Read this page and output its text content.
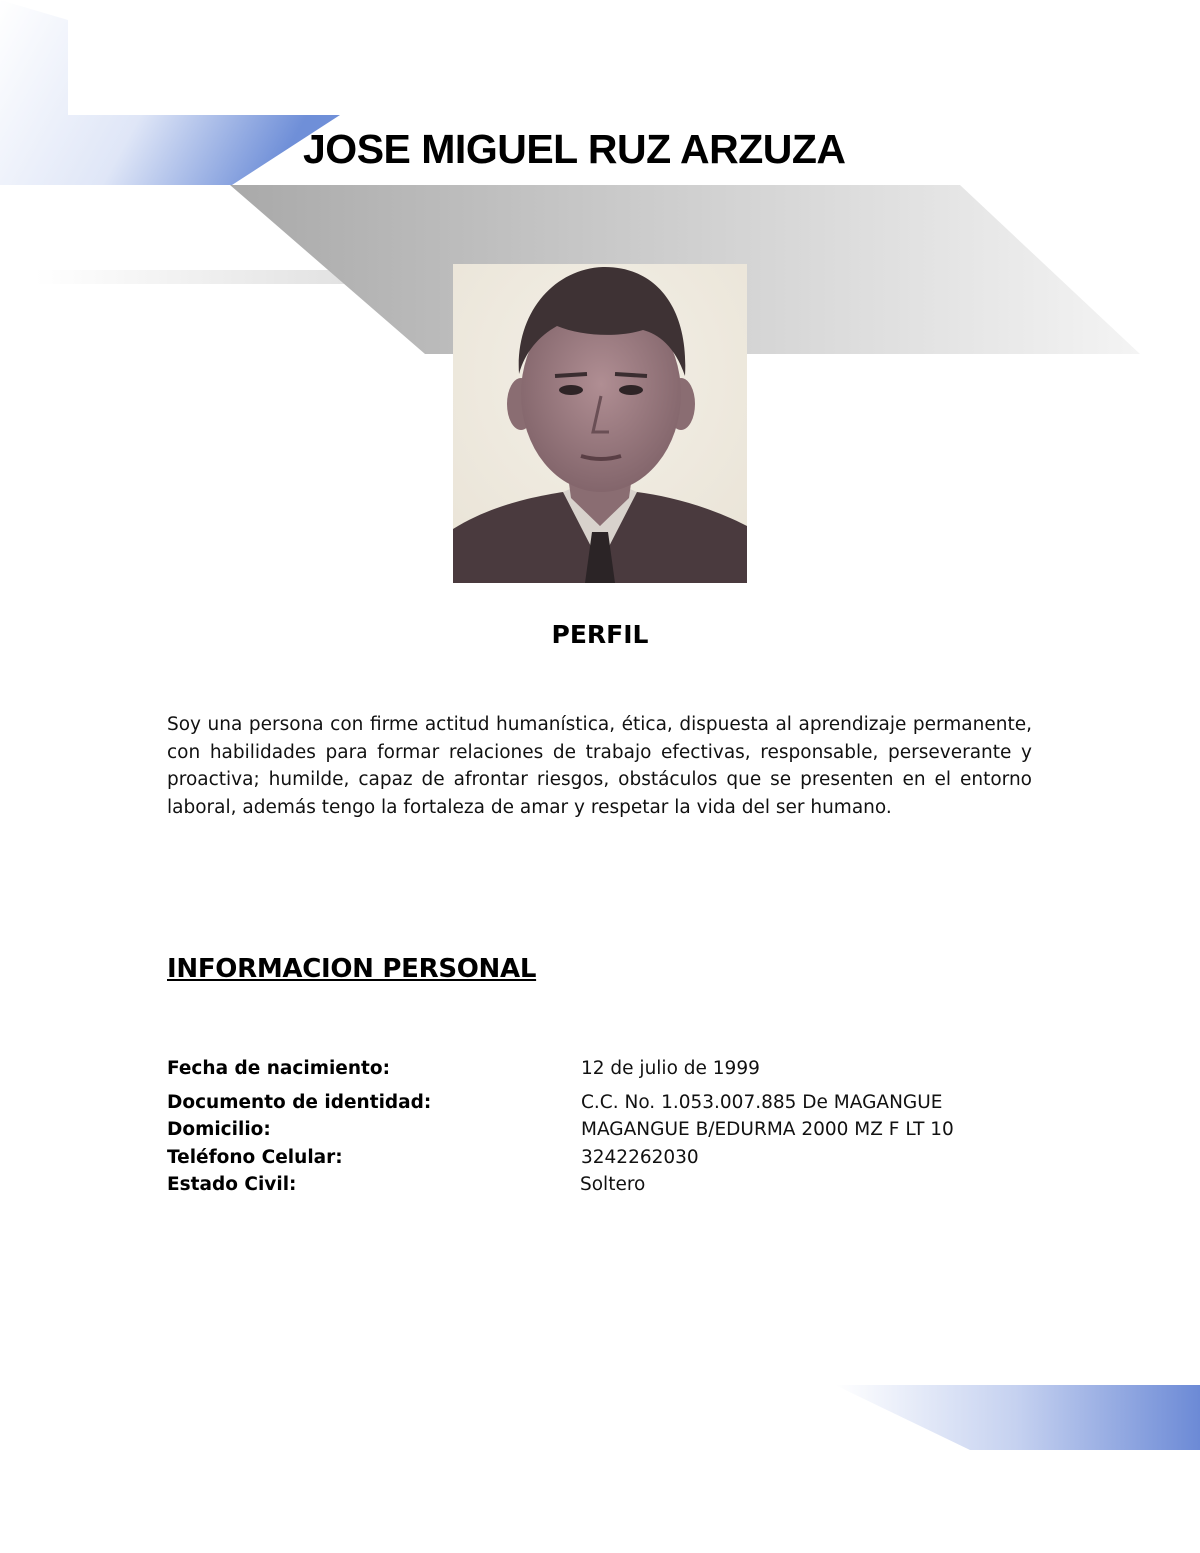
JOSE MIGUEL RUZ ARZUZA
PERFIL

Soy una persona con firme actitud humanística, ética, dispuesta al aprendizaje permanente, con habilidades para formar relaciones de trabajo efectivas, responsable, perseverante y proactiva; humilde, capaz de afrontar riesgos, obstáculos que se presenten en el entorno laboral, además tengo la fortaleza de amar y respetar la vida del ser humano.

INFORMACION PERSONAL
Fecha de nacimiento:	12 de julio de 1999
Documento de identidad:	C.C. No. 1.053.007.885 De MAGANGUE
Domicilio:	MAGANGUE B/EDURMA 2000 MZ F LT 10
Teléfono Celular:	3242262030
Estado Civil:	Soltero
